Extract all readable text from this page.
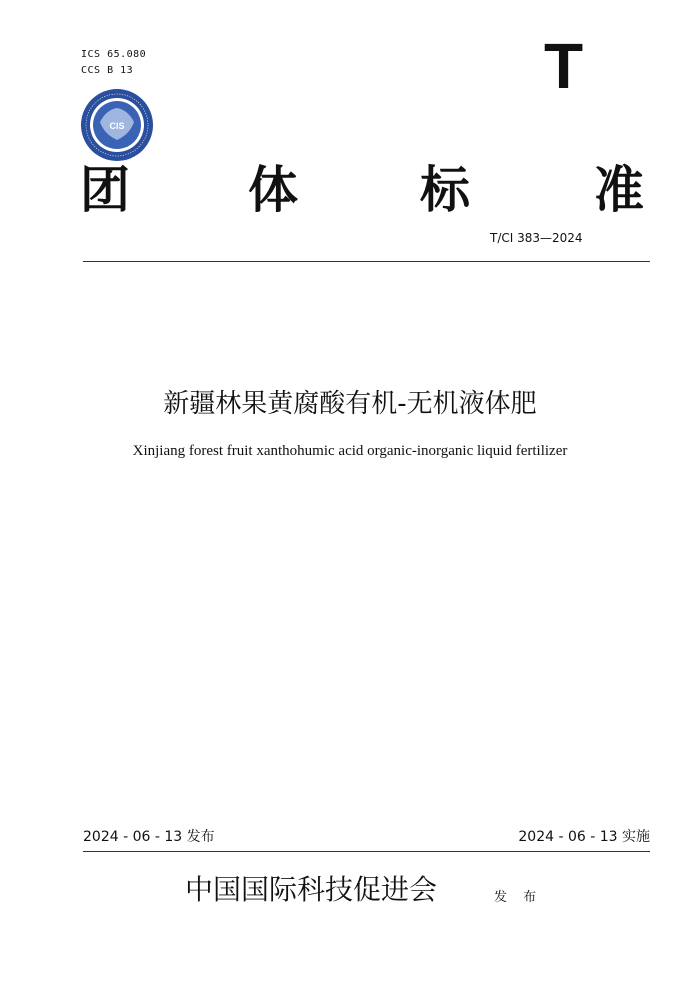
ICS 65.080
CCS B 13	T
CIS
团 体 标 准
T/CI 383—2024
新疆林果黄腐酸有机-无机液体肥
Xinjiang forest fruit xanthohumic acid organic-inorganic liquid fertilizer
2024 - 06 - 13 发布	2024 - 06 - 13 实施
中国国际科技促进会	发 布
